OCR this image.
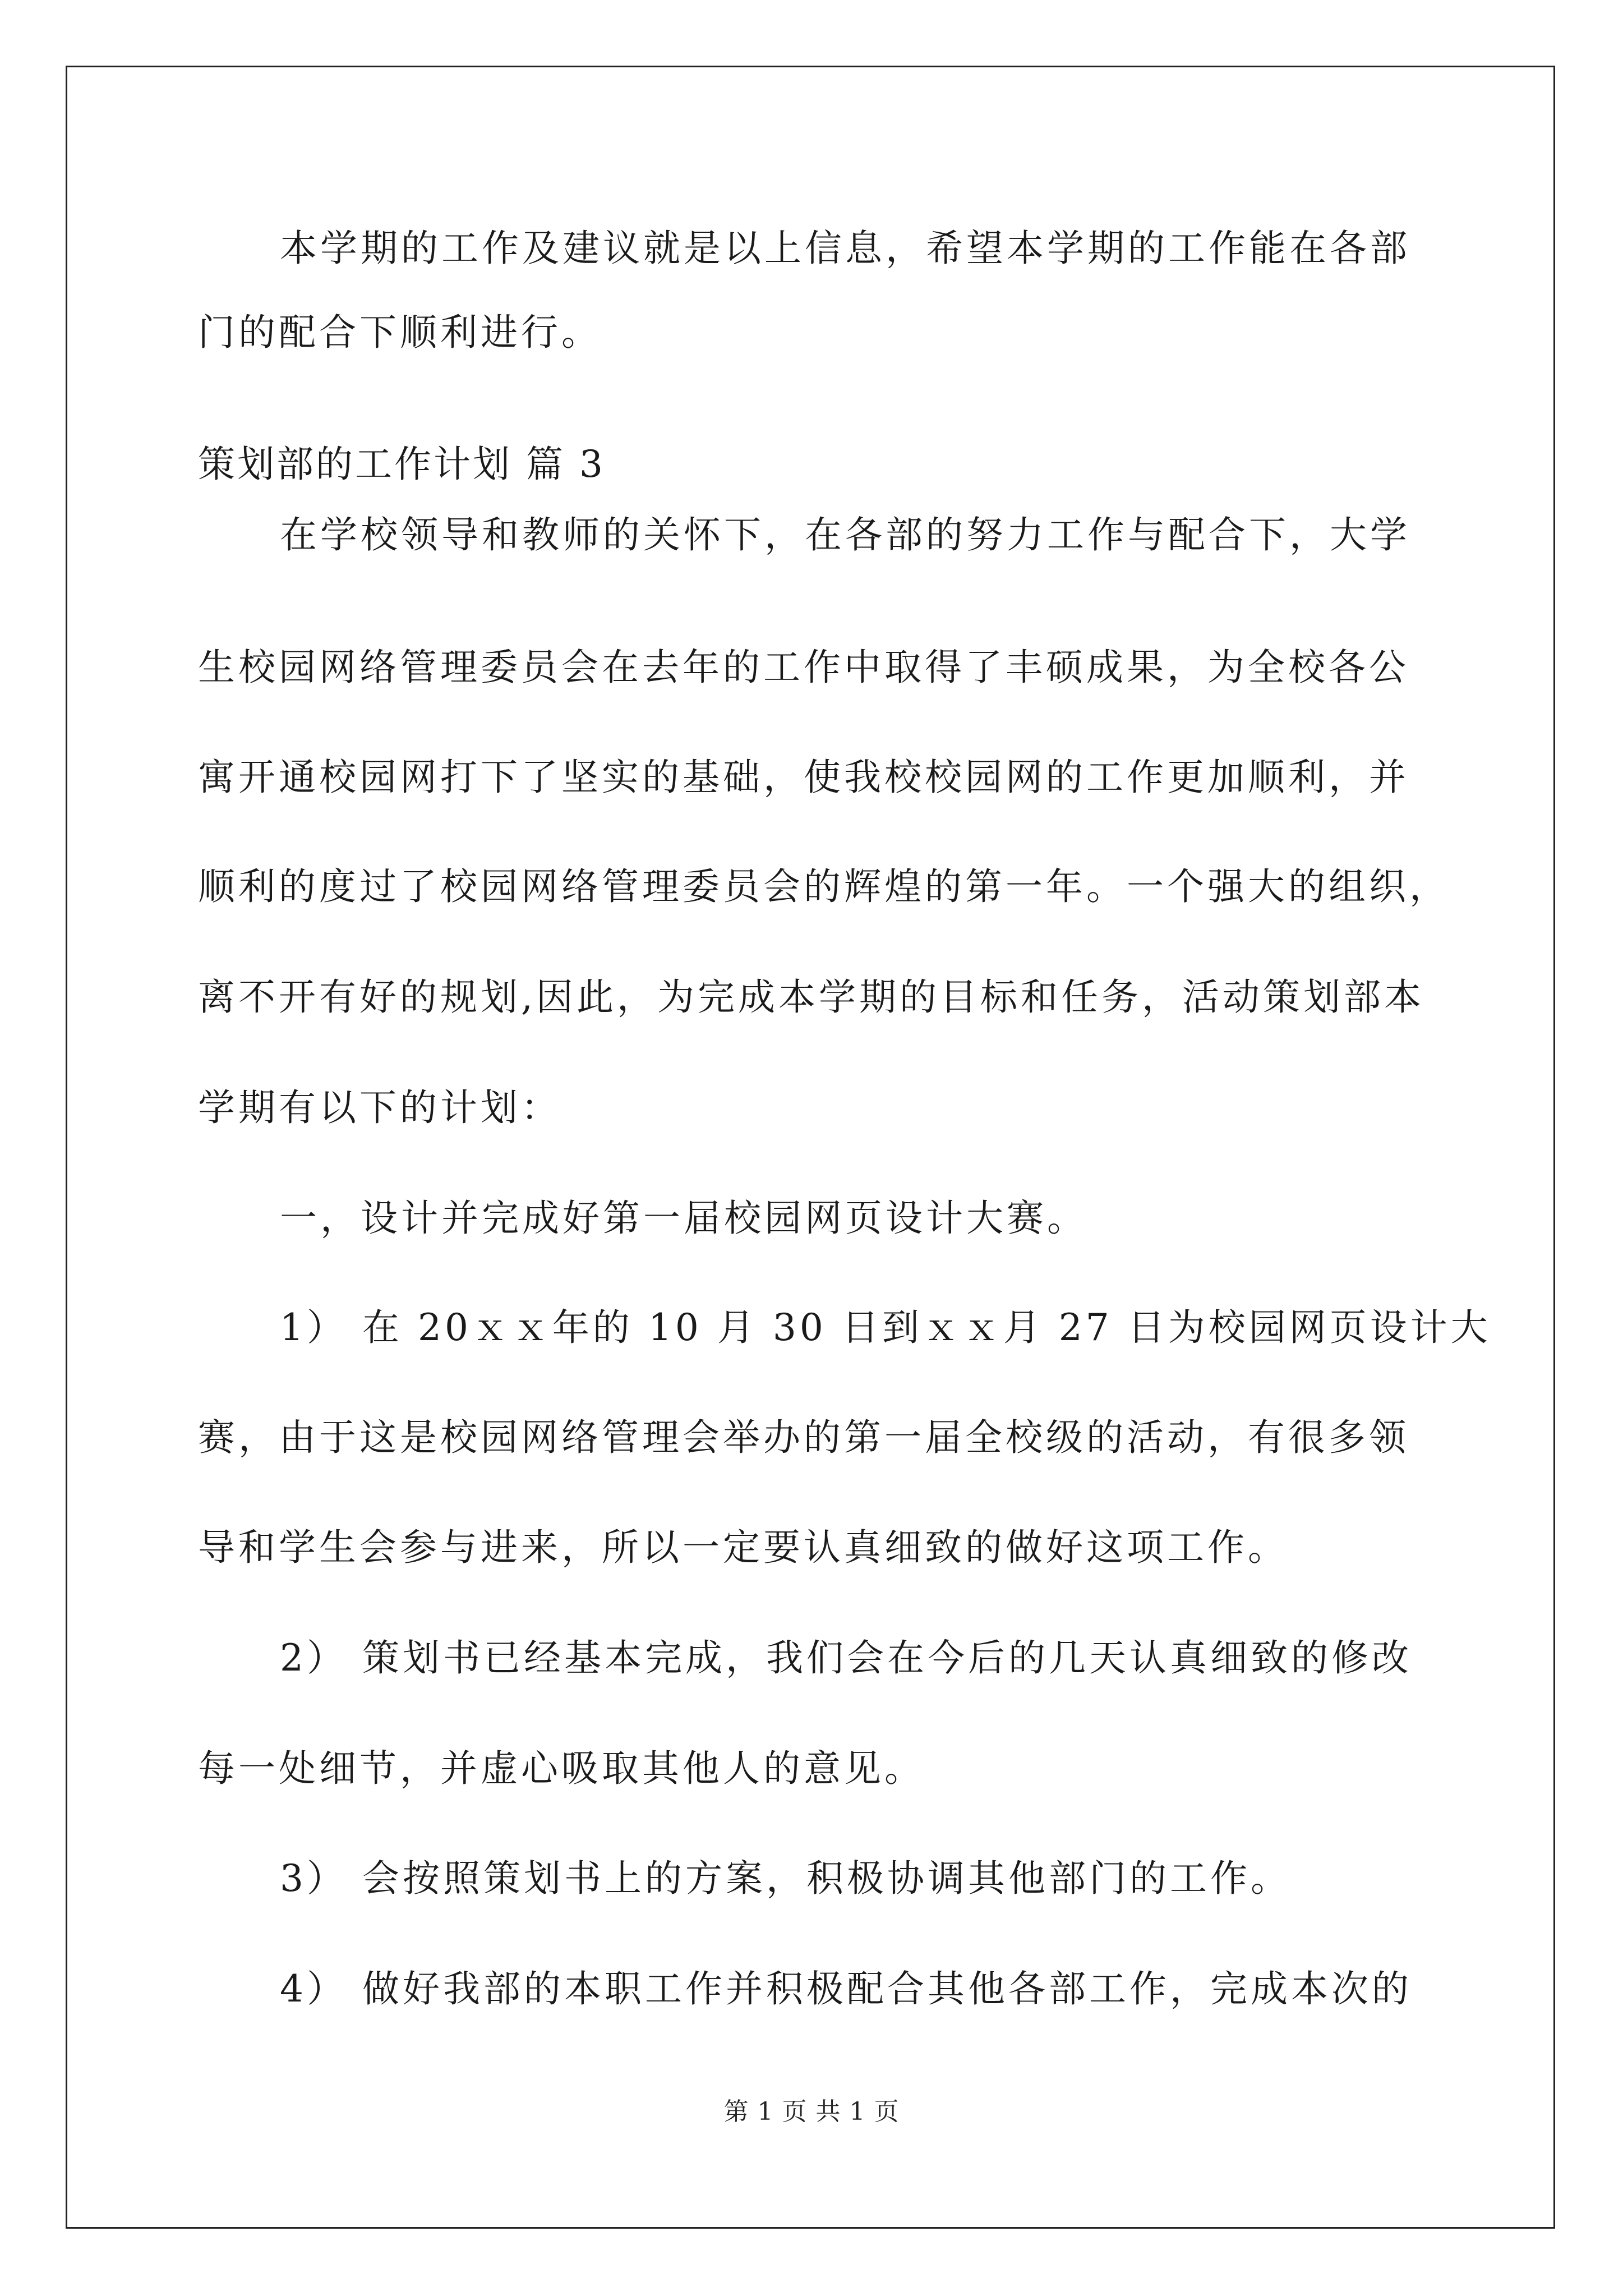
本学期的工作及建议就是以上信息，希望本学期的工作能在各部
门的配合下顺利进行。
策划部的工作计划 篇 3
在学校领导和教师的关怀下，在各部的努力工作与配合下，大学
生校园网络管理委员会在去年的工作中取得了丰硕成果，为全校各公
寓开通校园网打下了坚实的基础，使我校校园网的工作更加顺利，并
顺利的度过了校园网络管理委员会的辉煌的第一年。一个强大的组织，
离不开有好的规划,因此，为完成本学期的目标和任务，活动策划部本
学期有以下的计划：
一，设计并完成好第一届校园网页设计大赛。
1） 在 20ｘｘ年的 10 月 30 日到ｘｘ月 27 日为校园网页设计大
赛，由于这是校园网络管理会举办的第一届全校级的活动，有很多领
导和学生会参与进来，所以一定要认真细致的做好这项工作。
2） 策划书已经基本完成，我们会在今后的几天认真细致的修改
每一处细节，并虚心吸取其他人的意见。
3） 会按照策划书上的方案，积极协调其他部门的工作。
4） 做好我部的本职工作并积极配合其他各部工作，完成本次的
第 1 页 共 1 页
